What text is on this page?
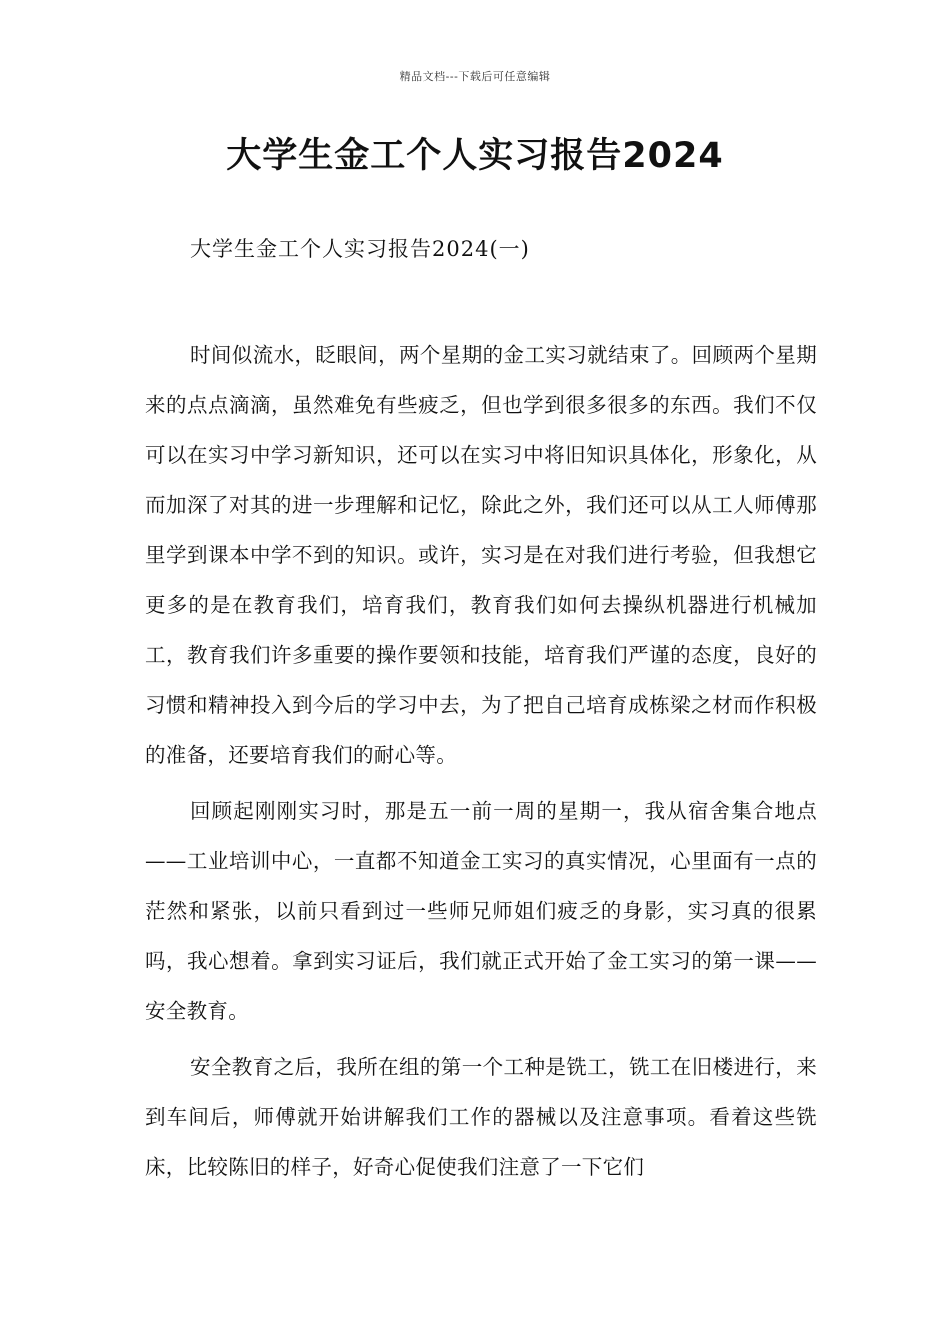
精品文档---下载后可任意编辑
大学生金工个人实习报告2024
大学生金工个人实习报告2024(一)

时间似流水，眨眼间，两个星期的金工实习就结束了。回顾两个星期来的点点滴滴，虽然难免有些疲乏，但也学到很多很多的东西。我们不仅可以在实习中学习新知识，还可以在实习中将旧知识具体化，形象化，从而加深了对其的进一步理解和记忆，除此之外，我们还可以从工人师傅那里学到课本中学不到的知识。或许，实习是在对我们进行考验，但我想它更多的是在教育我们，培育我们，教育我们如何去操纵机器进行机械加工，教育我们许多重要的操作要领和技能，培育我们严谨的态度，良好的习惯和精神投入到今后的学习中去，为了把自己培育成栋梁之材而作积极的准备，还要培育我们的耐心等。

回顾起刚刚实习时，那是五一前一周的星期一，我从宿舍集合地点——工业培训中心，一直都不知道金工实习的真实情况，心里面有一点的茫然和紧张，以前只看到过一些师兄师姐们疲乏的身影，实习真的很累吗，我心想着。拿到实习证后，我们就正式开始了金工实习的第一课——安全教育。

安全教育之后，我所在组的第一个工种是铣工，铣工在旧楼进行，来到车间后，师傅就开始讲解我们工作的器械以及注意事项。看着这些铣床，比较陈旧的样子，好奇心促使我们注意了一下它们
